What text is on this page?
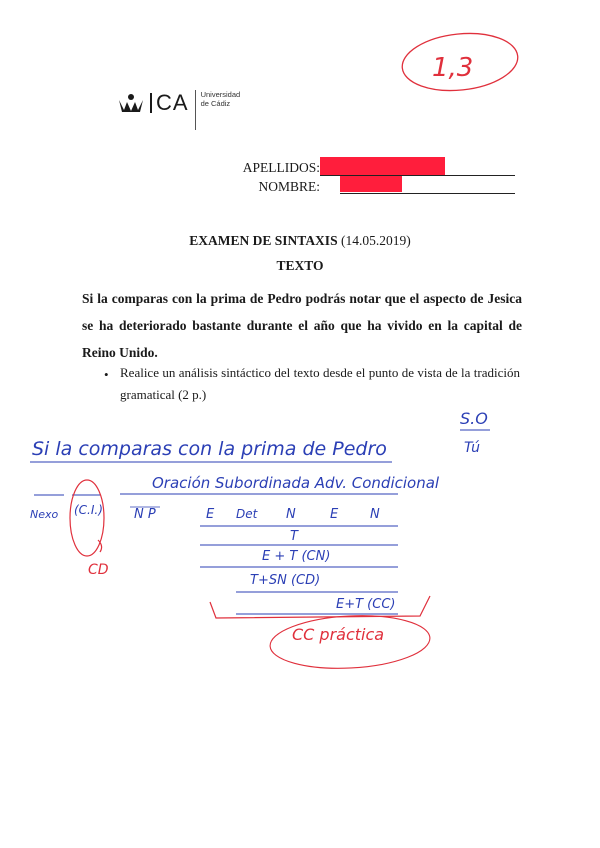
CA Universidad
de Cádiz
APELLIDOS:
NOMBRE:
EXAMEN DE SINTAXIS (14.05.2019)
TEXTO
Si la comparas con la prima de Pedro podrás notar que el aspecto de Jesica se ha deteriorado bastante durante el año que ha vivido en la capital de Reino Unido.
• Realice un análisis sintáctico del texto desde el punto de vista de la tradición gramatical (2 p.)
1,3
Si la comparas con la prima de Pedro
S.O
Tú
Oración Subordinada Adv. Condicional
Nexo (C.I.) N P	E Det N	E N
T
E + T (CN)
T+SN (CD)
E+T (CC)
CD
CC práctica
